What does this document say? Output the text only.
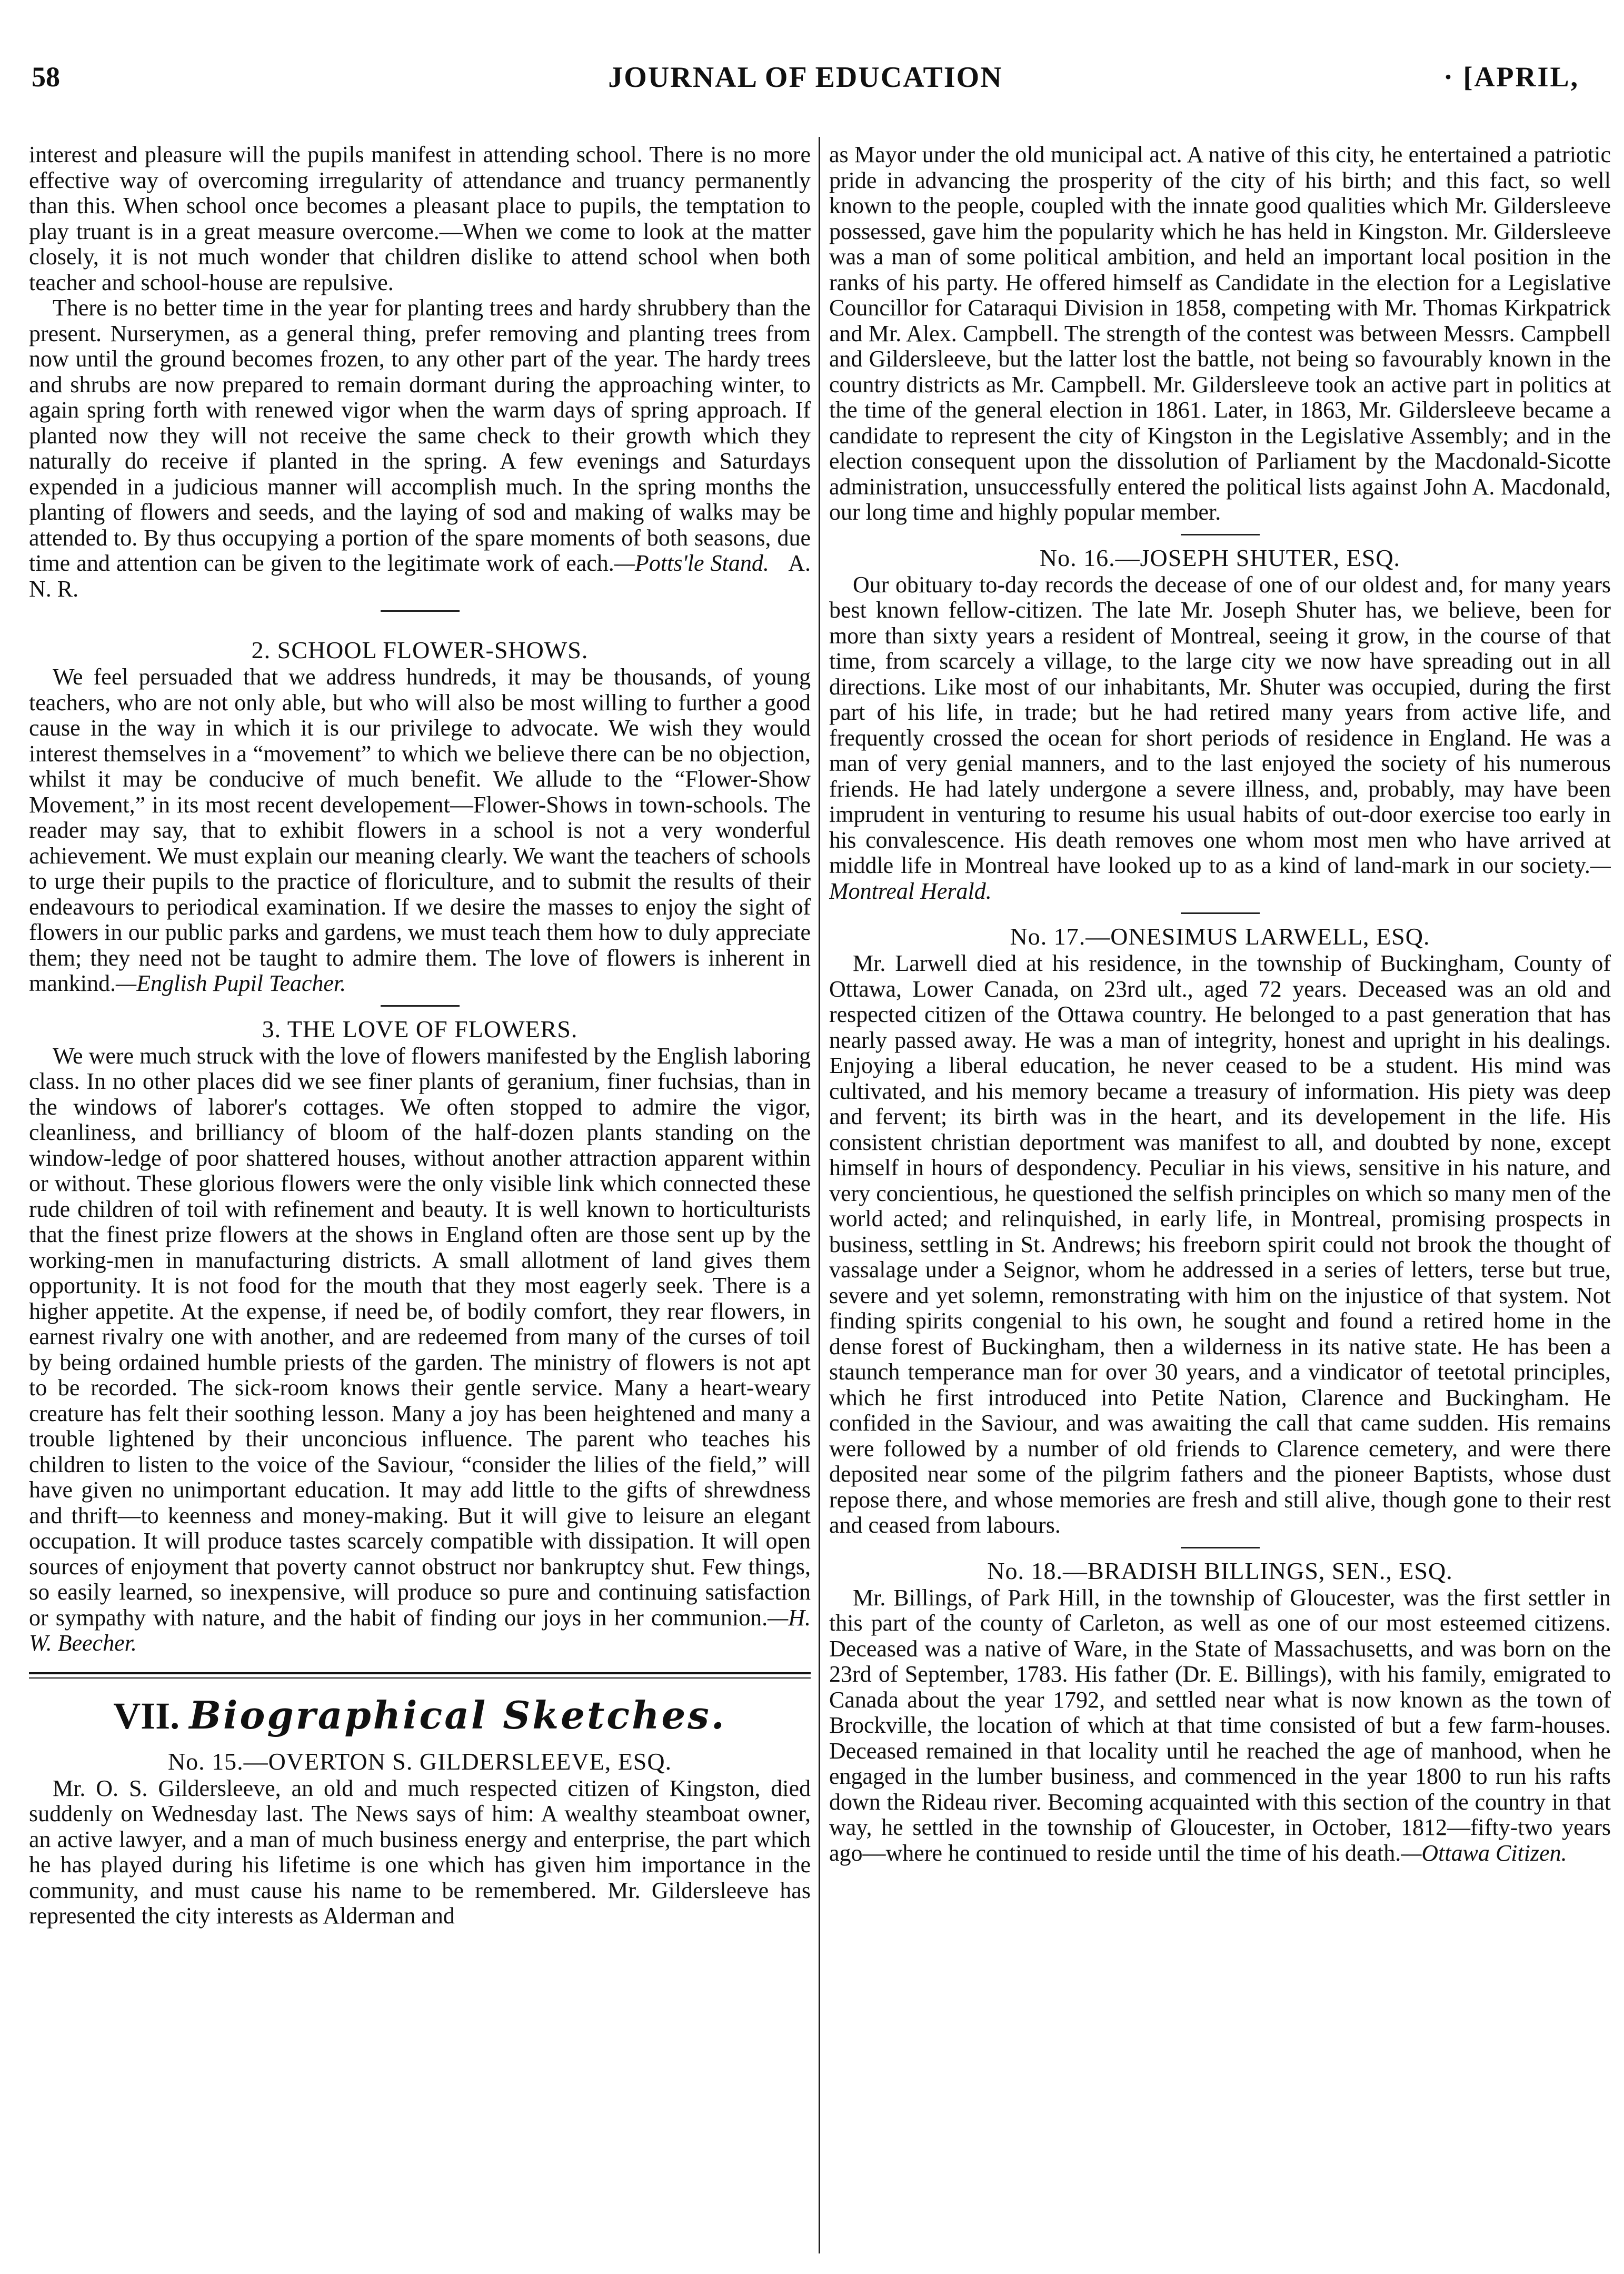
58	JOURNAL OF EDUCATION	· [APRIL,

interest and pleasure will the pupils manifest in attending school. There is no more effective way of overcoming irregularity of attendance and truancy permanently than this. When school once becomes a pleasant place to pupils, the temptation to play truant is in a great measure overcome.—When we come to look at the matter closely, it is not much wonder that children dislike to attend school when both teacher and school-house are repulsive.

There is no better time in the year for planting trees and hardy shrubbery than the present. Nurserymen, as a general thing, prefer removing and planting trees from now until the ground becomes frozen, to any other part of the year. The hardy trees and shrubs are now prepared to remain dormant during the approaching winter, to again spring forth with renewed vigor when the warm days of spring approach. If planted now they will not receive the same check to their growth which they naturally do receive if planted in the spring. A few evenings and Saturdays expended in a judicious manner will accomplish much. In the spring months the planting of flowers and seeds, and the laying of sod and making of walks may be attended to. By thus occupying a portion of the spare moments of both seasons, due time and attention can be given to the legitimate work of each.—Potts'le Stand. A. N. R.

2. SCHOOL FLOWER-SHOWS.

We feel persuaded that we address hundreds, it may be thousands, of young teachers, who are not only able, but who will also be most willing to further a good cause in the way in which it is our privilege to advocate. We wish they would interest themselves in a “movement” to which we believe there can be no objection, whilst it may be conducive of much benefit. We allude to the “Flower-Show Movement,” in its most recent developement—Flower-Shows in town-schools. The reader may say, that to exhibit flowers in a school is not a very wonderful achievement. We must explain our meaning clearly. We want the teachers of schools to urge their pupils to the practice of floriculture, and to submit the results of their endeavours to periodical examination. If we desire the masses to enjoy the sight of flowers in our public parks and gardens, we must teach them how to duly appreciate them; they need not be taught to admire them. The love of flowers is inherent in mankind.—English Pupil Teacher.

3. THE LOVE OF FLOWERS.

We were much struck with the love of flowers manifested by the English laboring class. In no other places did we see finer plants of geranium, finer fuchsias, than in the windows of laborer's cottages. We often stopped to admire the vigor, cleanliness, and brilliancy of bloom of the half-dozen plants standing on the window-ledge of poor shattered houses, without another attraction apparent within or without. These glorious flowers were the only visible link which connected these rude children of toil with refinement and beauty. It is well known to horticulturists that the finest prize flowers at the shows in England often are those sent up by the working-men in manufacturing districts. A small allotment of land gives them opportunity. It is not food for the mouth that they most eagerly seek. There is a higher appetite. At the expense, if need be, of bodily comfort, they rear flowers, in earnest rivalry one with another, and are redeemed from many of the curses of toil by being ordained humble priests of the garden. The ministry of flowers is not apt to be recorded. The sick-room knows their gentle service. Many a heart-weary creature has felt their soothing lesson. Many a joy has been heightened and many a trouble lightened by their unconcious influence. The parent who teaches his children to listen to the voice of the Saviour, “consider the lilies of the field,” will have given no unimportant education. It may add little to the gifts of shrewdness and thrift—to keenness and money-making. But it will give to leisure an elegant occupation. It will produce tastes scarcely compatible with dissipation. It will open sources of enjoyment that poverty cannot obstruct nor bankruptcy shut. Few things, so easily learned, so inexpensive, will produce so pure and continuing satisfaction or sympathy with nature, and the habit of finding our joys in her communion.—H. W. Beecher.

VII. Biographical Sketches.
No. 15.—OVERTON S. GILDERSLEEVE, ESQ.

Mr. O. S. Gildersleeve, an old and much respected citizen of Kingston, died suddenly on Wednesday last. The News says of him: A wealthy steamboat owner, an active lawyer, and a man of much business energy and enterprise, the part which he has played during his lifetime is one which has given him importance in the community, and must cause his name to be remembered. Mr. Gildersleeve has represented the city interests as Alderman and

as Mayor under the old municipal act. A native of this city, he entertained a patriotic pride in advancing the prosperity of the city of his birth; and this fact, so well known to the people, coupled with the innate good qualities which Mr. Gildersleeve possessed, gave him the popularity which he has held in Kingston. Mr. Gildersleeve was a man of some political ambition, and held an important local position in the ranks of his party. He offered himself as Candidate in the election for a Legislative Councillor for Cataraqui Division in 1858, competing with Mr. Thomas Kirkpatrick and Mr. Alex. Campbell. The strength of the contest was between Messrs. Campbell and Gildersleeve, but the latter lost the battle, not being so favourably known in the country districts as Mr. Campbell. Mr. Gildersleeve took an active part in politics at the time of the general election in 1861. Later, in 1863, Mr. Gildersleeve became a candidate to represent the city of Kingston in the Legislative Assembly; and in the election consequent upon the dissolution of Parliament by the Macdonald-Sicotte administration, unsuccessfully entered the political lists against John A. Macdonald, our long time and highly popular member.

No. 16.—JOSEPH SHUTER, ESQ.

Our obituary to-day records the decease of one of our oldest and, for many years best known fellow-citizen. The late Mr. Joseph Shuter has, we believe, been for more than sixty years a resident of Montreal, seeing it grow, in the course of that time, from scarcely a village, to the large city we now have spreading out in all directions. Like most of our inhabitants, Mr. Shuter was occupied, during the first part of his life, in trade; but he had retired many years from active life, and frequently crossed the ocean for short periods of residence in England. He was a man of very genial manners, and to the last enjoyed the society of his numerous friends. He had lately undergone a severe illness, and, probably, may have been imprudent in venturing to resume his usual habits of out-door exercise too early in his convalescence. His death removes one whom most men who have arrived at middle life in Montreal have looked up to as a kind of land-mark in our society.—Montreal Herald.

No. 17.—ONESIMUS LARWELL, ESQ.

Mr. Larwell died at his residence, in the township of Buckingham, County of Ottawa, Lower Canada, on 23rd ult., aged 72 years. Deceased was an old and respected citizen of the Ottawa country. He belonged to a past generation that has nearly passed away. He was a man of integrity, honest and upright in his dealings. Enjoying a liberal education, he never ceased to be a student. His mind was cultivated, and his memory became a treasury of information. His piety was deep and fervent; its birth was in the heart, and its developement in the life. His consistent christian deportment was manifest to all, and doubted by none, except himself in hours of despondency. Peculiar in his views, sensitive in his nature, and very concientious, he questioned the selfish principles on which so many men of the world acted; and relinquished, in early life, in Montreal, promising prospects in business, settling in St. Andrews; his freeborn spirit could not brook the thought of vassalage under a Seignor, whom he addressed in a series of letters, terse but true, severe and yet solemn, remonstrating with him on the injustice of that system. Not finding spirits congenial to his own, he sought and found a retired home in the dense forest of Buckingham, then a wilderness in its native state. He has been a staunch temperance man for over 30 years, and a vindicator of teetotal principles, which he first introduced into Petite Nation, Clarence and Buckingham. He confided in the Saviour, and was awaiting the call that came sudden. His remains were followed by a number of old friends to Clarence cemetery, and were there deposited near some of the pilgrim fathers and the pioneer Baptists, whose dust repose there, and whose memories are fresh and still alive, though gone to their rest and ceased from labours.

No. 18.—BRADISH BILLINGS, SEN., ESQ.

Mr. Billings, of Park Hill, in the township of Gloucester, was the first settler in this part of the county of Carleton, as well as one of our most esteemed citizens. Deceased was a native of Ware, in the State of Massachusetts, and was born on the 23rd of September, 1783. His father (Dr. E. Billings), with his family, emigrated to Canada about the year 1792, and settled near what is now known as the town of Brockville, the location of which at that time consisted of but a few farm-houses. Deceased remained in that locality until he reached the age of manhood, when he engaged in the lumber business, and commenced in the year 1800 to run his rafts down the Rideau river. Becoming acquainted with this section of the country in that way, he settled in the township of Gloucester, in October, 1812—fifty-two years ago—where he continued to reside until the time of his death.—Ottawa Citizen.
